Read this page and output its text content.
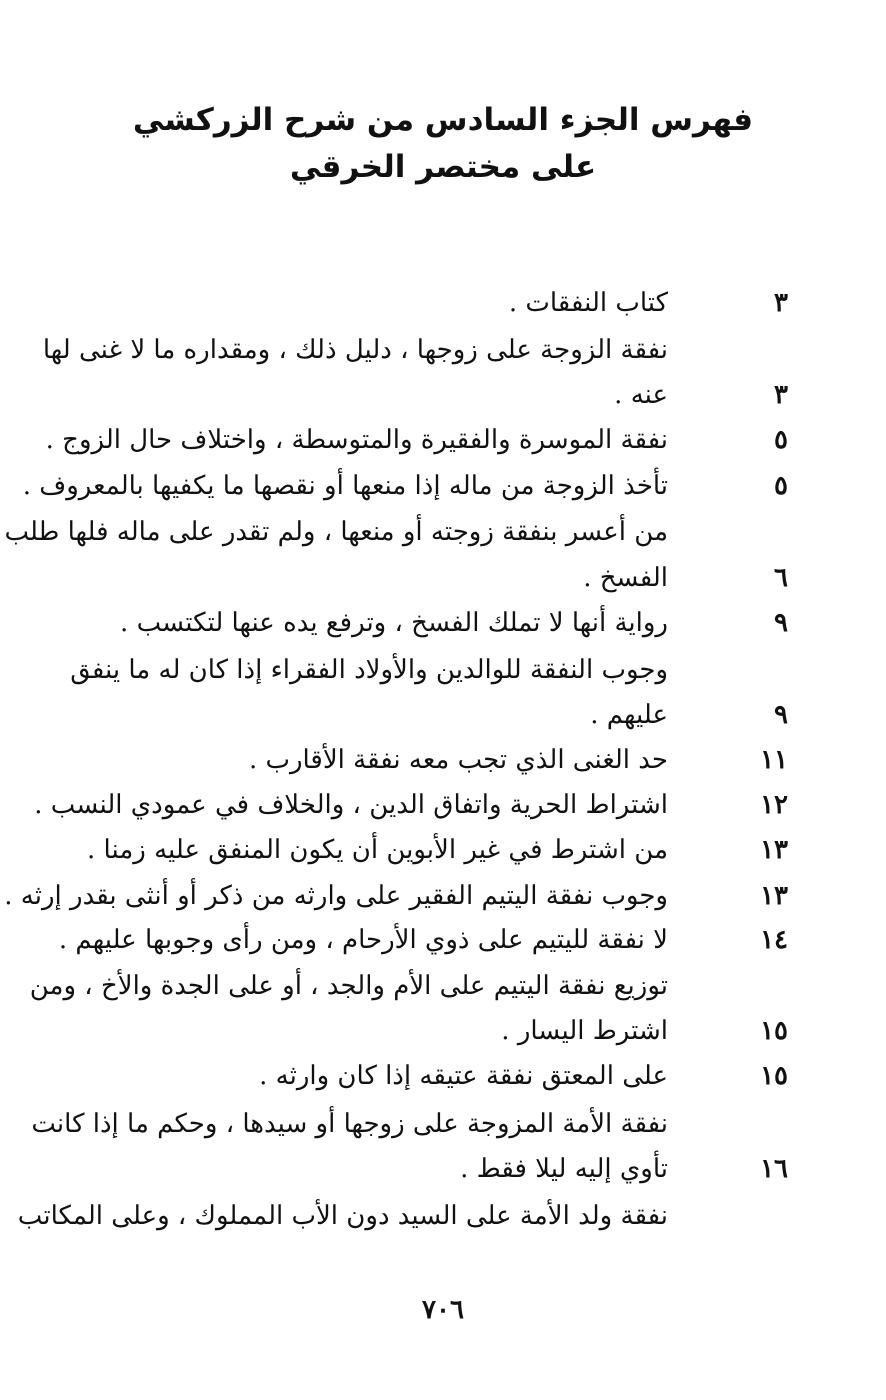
فهرس الجزء السادس من شرح الزركشي
على مختصر الخرقي
كتاب النفقات .	٣
نفقة الزوجة على زوجها ، دليل ذلك ، ومقداره ما لا غنى لها
عنه .	٣
نفقة الموسرة والفقيرة والمتوسطة ، واختلاف حال الزوج .	٥
تأخذ الزوجة من ماله إذا منعها أو نقصها ما يكفيها بالمعروف .	٥
من أعسر بنفقة زوجته أو منعها ، ولم تقدر على ماله فلها طلب
الفسخ .	٦
رواية أنها لا تملك الفسخ ، وترفع يده عنها لتكتسب .	٩
وجوب النفقة للوالدين والأولاد الفقراء إذا كان له ما ينفق
عليهم .	٩
حد الغنى الذي تجب معه نفقة الأقارب .	١١
اشتراط الحرية واتفاق الدين ، والخلاف في عمودي النسب .	١٢
من اشترط في غير الأبوين أن يكون المنفق عليه زمنا .	١٣
وجوب نفقة اليتيم الفقير على وارثه من ذكر أو أنثى بقدر إرثه .	١٣
لا نفقة لليتيم على ذوي الأرحام ، ومن رأى وجوبها عليهم .	١٤
توزيع نفقة اليتيم على الأم والجد ، أو على الجدة والأخ ، ومن
اشترط اليسار .	١٥
على المعتق نفقة عتيقه إذا كان وارثه .	١٥
نفقة الأمة المزوجة على زوجها أو سيدها ، وحكم ما إذا كانت
تأوي إليه ليلا فقط .	١٦
نفقة ولد الأمة على السيد دون الأب المملوك ، وعلى المكاتب
٧٠٦
